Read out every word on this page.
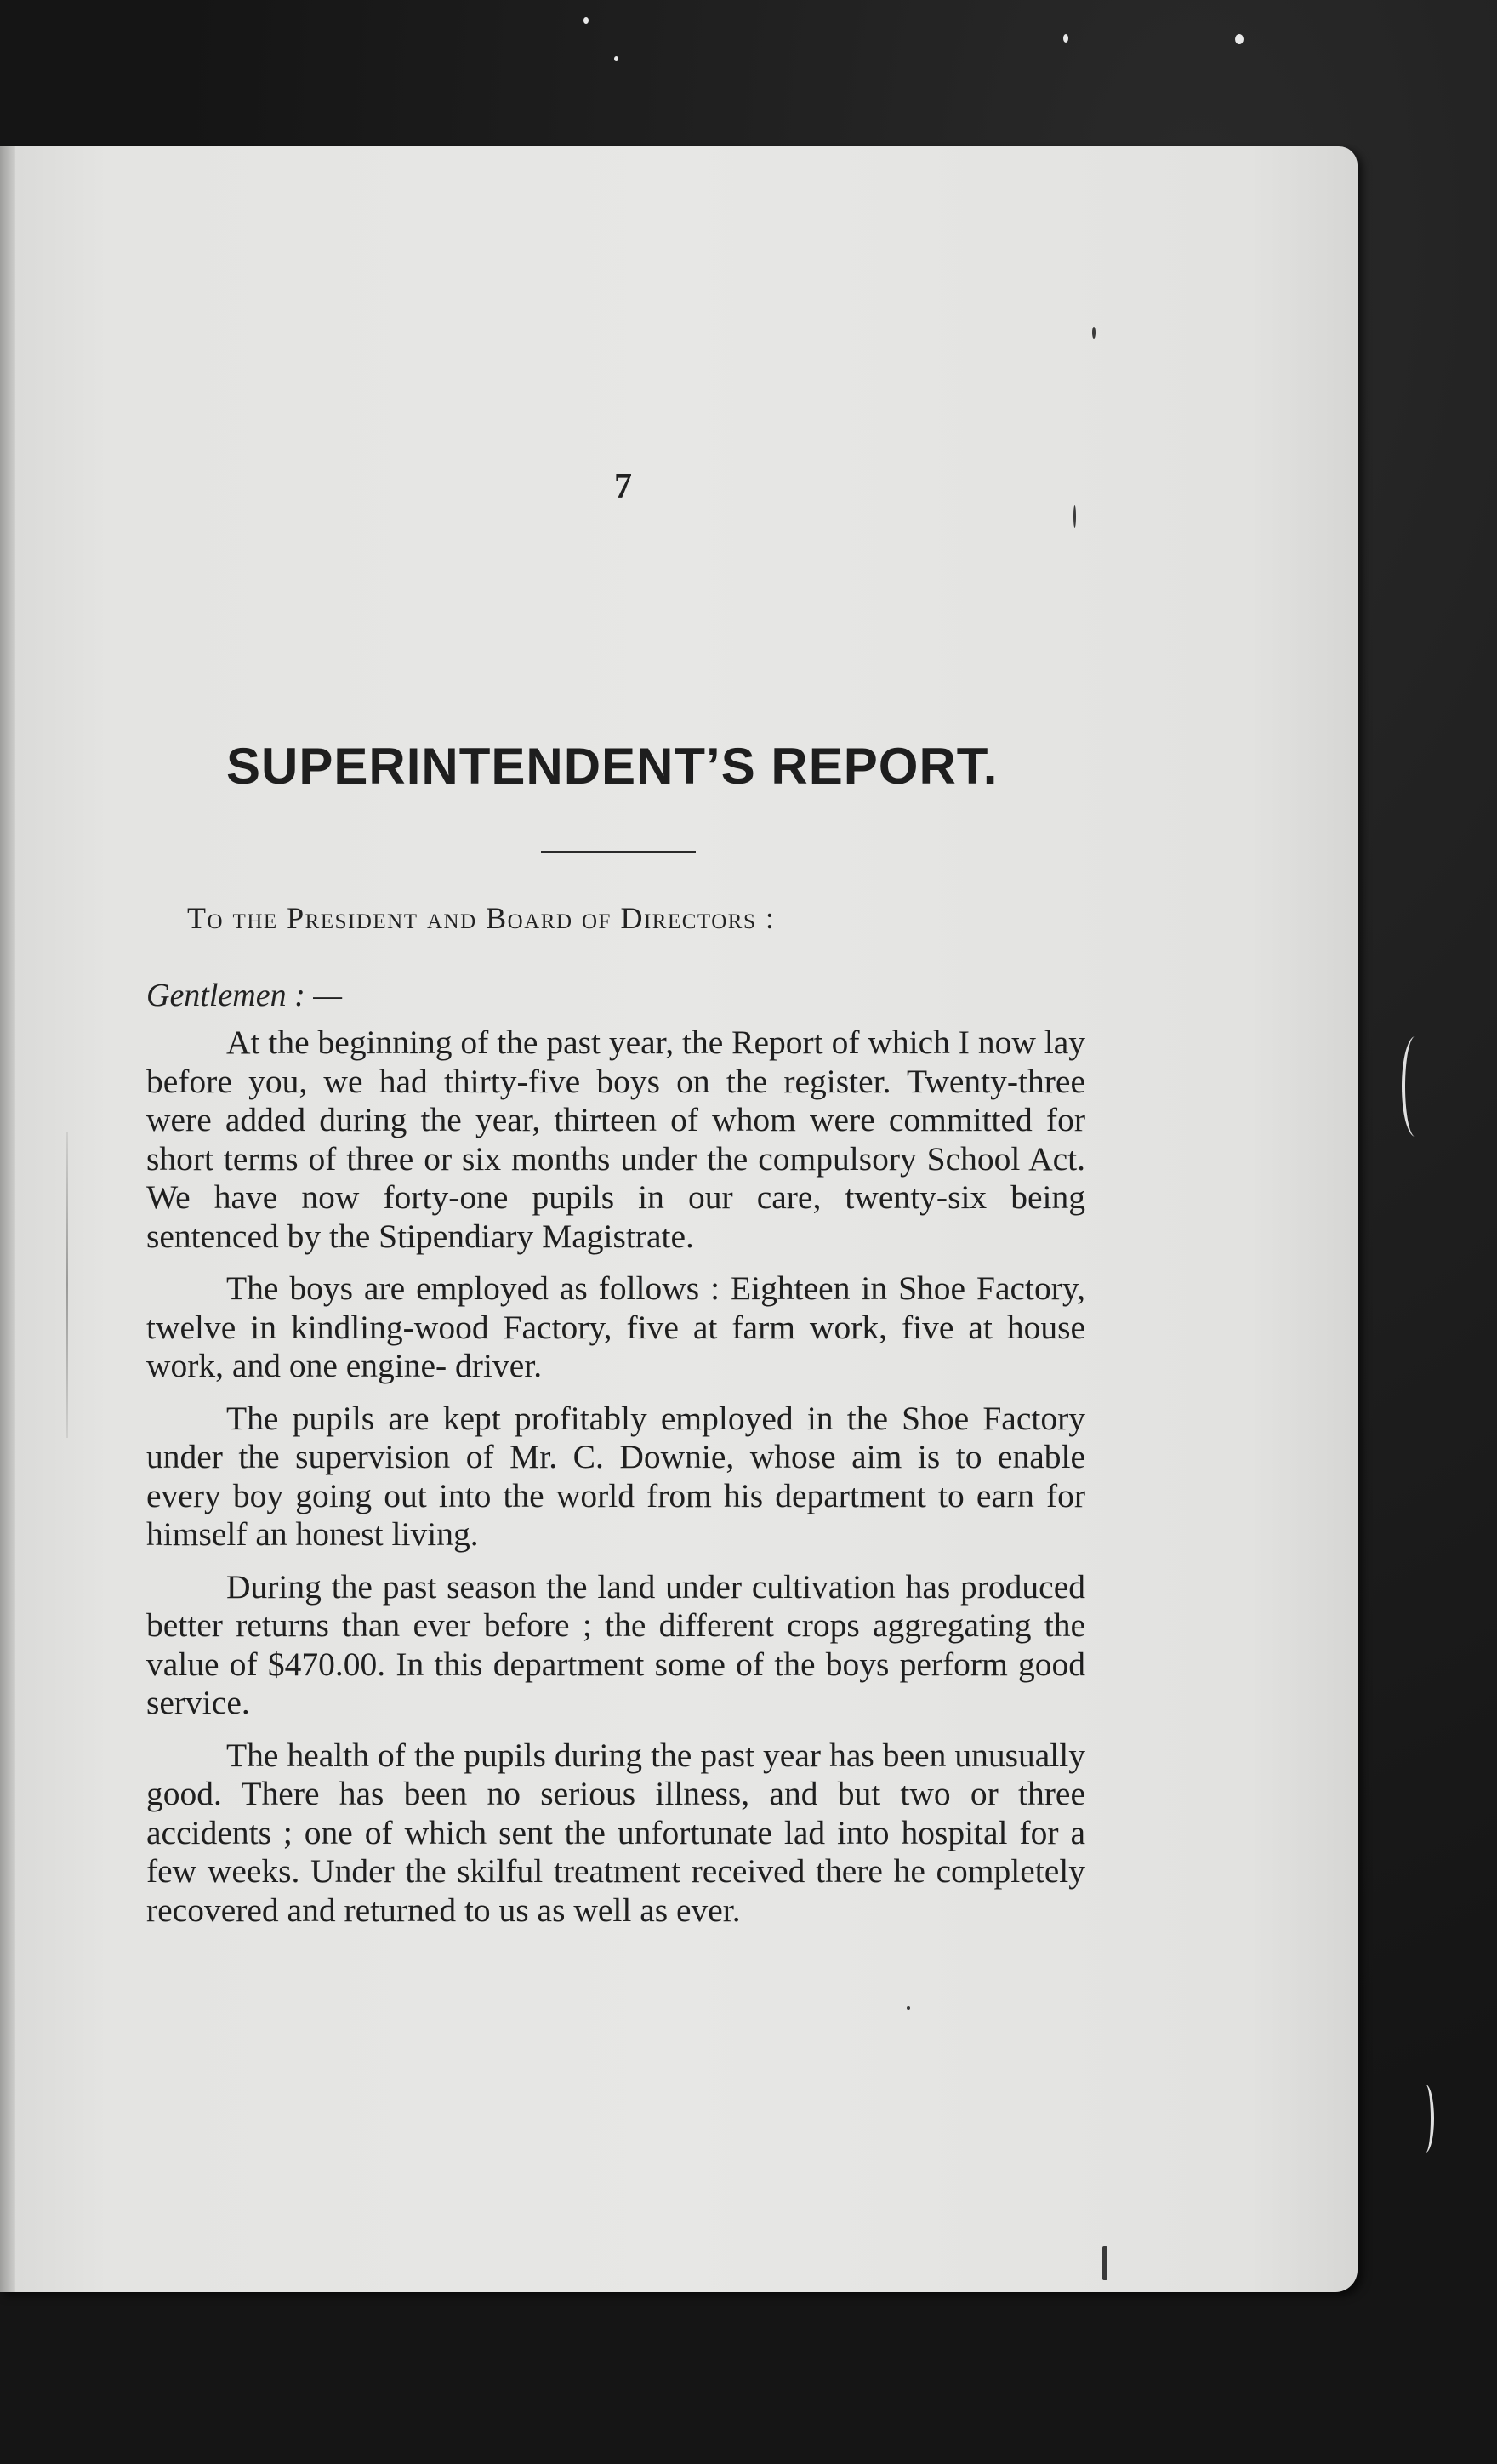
7
SUPERINTENDENT’S REPORT.

To the President and Board of Directors :

Gentlemen : —

At the beginning of the past year, the Report of which I now lay before you, we had thirty-five boys on the register. Twenty-three were added during the year, thirteen of whom were committed for short terms of three or six months under the compulsory School Act. We have now forty-one pupils in our care, twenty-six being sentenced by the Stipendiary Magistrate.

The boys are employed as follows : Eighteen in Shoe Factory, twelve in kindling-wood Factory, five at farm work, five at house work, and one engine- driver.

The pupils are kept profitably employed in the Shoe Factory under the supervision of Mr. C. Downie, whose aim is to enable every boy going out into the world from his department to earn for himself an honest living.

During the past season the land under cultivation has produced better returns than ever before ; the different crops aggregating the value of $470.00. In this department some of the boys perform good service.

The health of the pupils during the past year has been unusually good. There has been no serious illness, and but two or three accidents ; one of which sent the unfortunate lad into hospital for a few weeks. Under the skilful treatment received there he completely recovered and returned to us as well as ever.
